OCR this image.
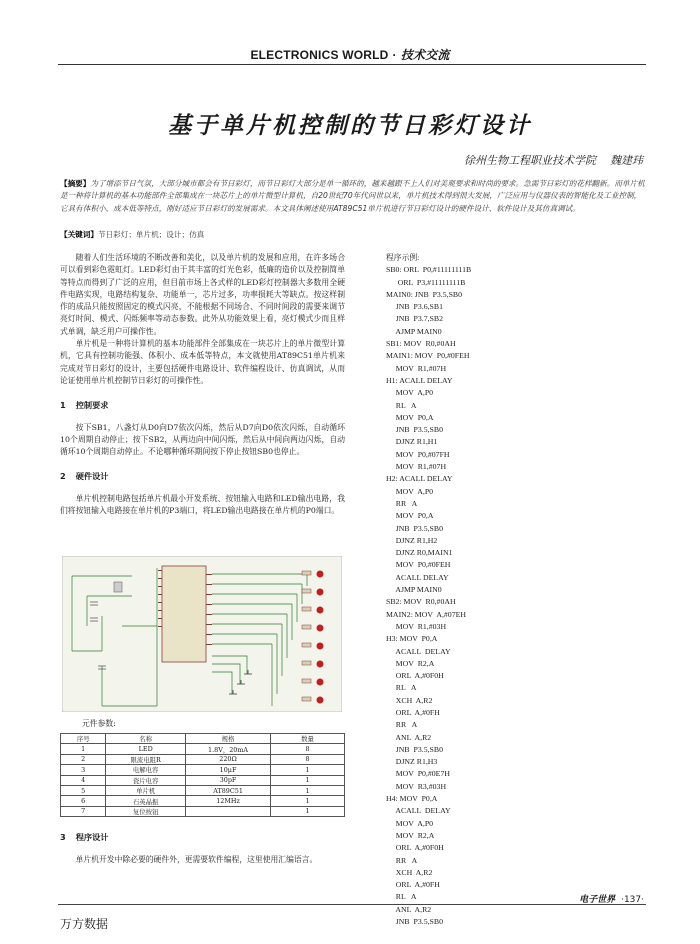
ELECTRONICS WORLD · 技术交流
基于单片机控制的节日彩灯设计
徐州生物工程职业技术学院 魏建玮
【摘要】为了增添节日气氛，大部分城市都会有节日彩灯，而节日彩灯大部分是单一循环的，越来越跟不上人们对美观要求和时尚的要求。急需节日彩灯的花样翻新。而单片机是一种将计算机的基本功能部件全部集成在一块芯片上的单片微型计算机，自20世纪70年代问世以来，单片机技术得到很大发展，广泛应用与仪器仪表的智能化及工业控制，它具有体积小、成本低等特点，刚好适应节日彩灯的发展需求。本文具体阐述使用AT89C51单片机进行节日彩灯设计的硬件设计、软件设计及其仿真调试。
【关键词】节日彩灯；单片机；设计；仿真

随着人们生活环境的不断改善和美化，以及单片机的发展和应用，在许多场合可以看到彩色霓虹灯。LED彩灯由于其丰富的灯光色彩，低廉的造价以及控制简单等特点而得到了广泛的应用，但目前市场上各式样的LED彩灯控制器大多数用全硬件电路实现，电路结构复杂、功能单一，芯片过多，功率损耗大等缺点。按这样制作的成品只能按照固定的模式闪亮，不能根据不同场合、不同时间段的需要来调节亮灯时间、模式、闪烁频率等动态参数。此外从功能效果上看，亮灯模式少而且样式单调，缺乏用户可操作性。

单片机是一种将计算机的基本功能部件全部集成在一块芯片上的单片微型计算机，它具有控制功能强、体积小、成本低等特点，本文就使用AT89C51单片机来完成对节日彩灯的设计，主要包括硬件电路设计、软件编程设计、仿真调试，从而论证使用单片机控制节日彩灯的可操作性。

1 控制要求

按下SB1，八盏灯从D0向D7依次闪烁，然后从D7向D0依次闪烁，自动循环10个周期自动停止；按下SB2，从两边向中间闪烁，然后从中间向两边闪烁，自动循环10个周期自动停止。不论哪种循环期间按下停止按钮SB0也停止。

2 硬件设计

单片机控制电路包括单片机最小开发系统、按钮输入电路和LED输出电路，我们将按钮输入电路接在单片机的P3端口，将LED输出电路接在单片机的P0端口。

元件参数:
序号	名称	规格	数量
1	LED	1.8V，20mA	8
2	限流电阻R	220Ω	8
3	电解电容	10μF	1
4	瓷片电容	30pF	1
5	单片机	AT89C51	1
6	石英晶振	12MHz	1
7	复位按钮		1
3 程序设计
单片机开发中除必要的硬件外，更需要软件编程，这里使用汇编语言。
程序示例:
SB0: ORL  P0,#11111111B
ORL  P3,#11111111B
MAIN0: JNB  P3.5,SB0
JNB  P3.6,SB1
JNB  P3.7,SB2
AJMP MAIN0
SB1: MOV  R0,#0AH
MAIN1: MOV  P0,#0FEH
MOV  R1,#07H
H1: ACALL DELAY
MOV  A,P0
RL   A
MOV  P0,A
JNB  P3.5,SB0
DJNZ R1,H1
MOV  P0,#07FH
MOV  R1,#07H
H2: ACALL DELAY
MOV  A,P0
RR   A
MOV  P0,A
JNB  P3.5,SB0
DJNZ R1,H2
DJNZ R0,MAIN1
MOV  P0,#0FEH
ACALL DELAY
AJMP MAIN0
SB2: MOV  R0,#0AH
MAIN2: MOV  A,#07EH
MOV  R1,#03H
H3: MOV  P0,A
ACALL  DELAY
MOV  R2,A
ORL  A,#0F0H
RL   A
XCH  A,R2
ORL  A,#0FH
RR   A
ANL  A,R2
JNB  P3.5,SB0
DJNZ R1,H3
MOV  P0,#0E7H
MOV  R3,#03H
H4: MOV  P0,A
ACALL  DELAY
MOV  A,P0
MOV  R2,A
ORL  A,#0F0H
RR   A
XCH  A,R2
ORL  A,#0FH
RL   A
ANL  A,R2
JNB  P3.5,SB0
电子世界 ·137·
万方数据
